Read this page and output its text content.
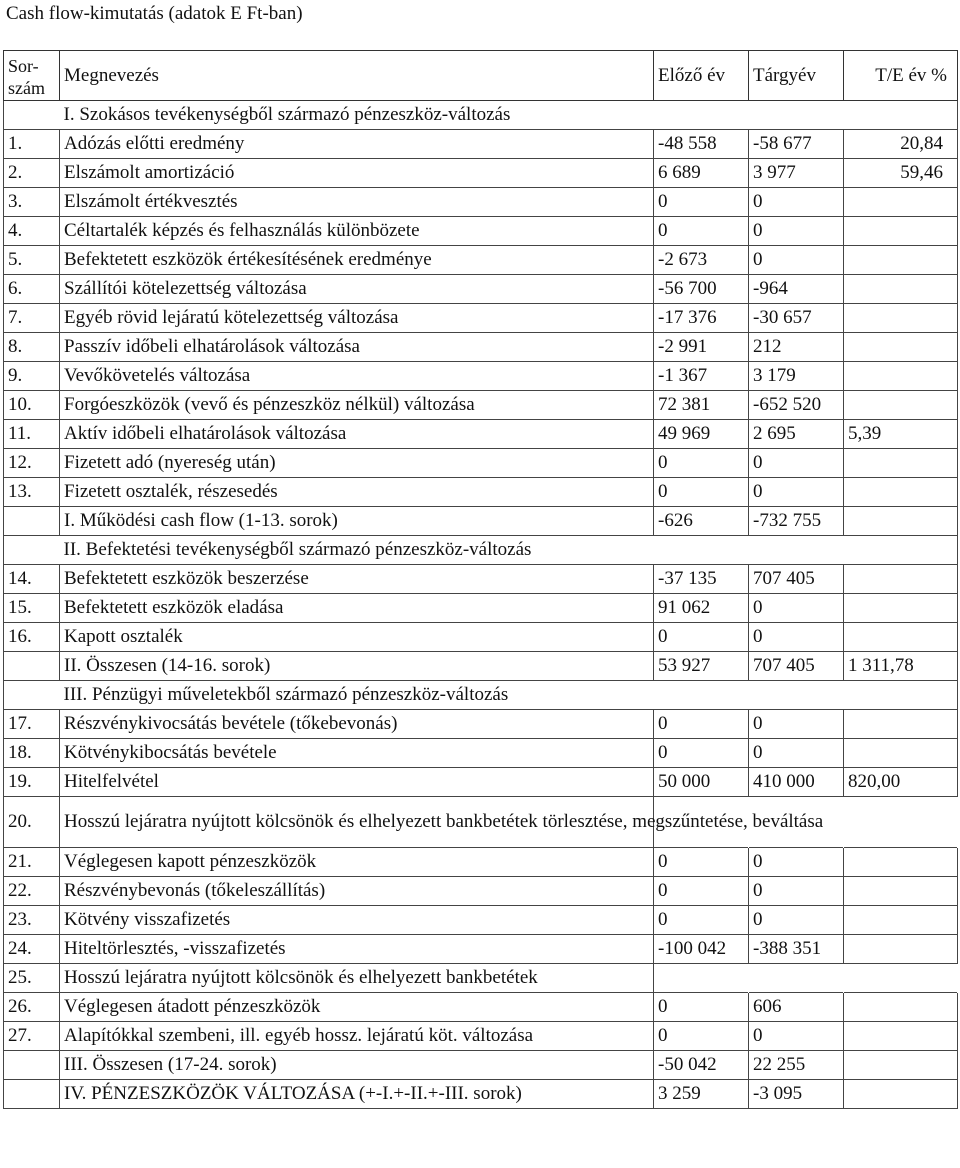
Cash flow-kimutatás (adatok E Ft-ban)
Sor-szám	Megnevezés	Előző év	Tárgyév	T/E év %
	I. Szokásos tevékenységből származó pénzeszköz-változás			
1.	Adózás előtti eredmény	-48 558	-58 677	20,84
2.	Elszámolt amortizáció	6 689	3 977	59,46
3.	Elszámolt értékvesztés	0	0	
4.	Céltartalék képzés és felhasználás különbözete	0	0	
5.	Befektetett eszközök értékesítésének eredménye	-2 673	0	
6.	Szállítói kötelezettség változása	-56 700	-964	
7.	Egyéb rövid lejáratú kötelezettség változása	-17 376	-30 657	
8.	Passzív időbeli elhatárolások változása	-2 991	212	
9.	Vevőkövetelés változása	-1 367	3 179	
10.	Forgóeszközök (vevő és pénzeszköz nélkül) változása	72 381	-652 520	
11.	Aktív időbeli elhatárolások változása	49 969	2 695	5,39
12.	Fizetett adó (nyereség után)	0	0	
13.	Fizetett osztalék, részesedés	0	0	
	I. Működési cash flow (1-13. sorok)	-626	-732 755	
	II. Befektetési tevékenységből származó pénzeszköz-változás			
14.	Befektetett eszközök beszerzése	-37 135	707 405	
15.	Befektetett eszközök eladása	91 062	0	
16.	Kapott osztalék	0	0	
	II. Összesen (14-16. sorok)	53 927	707 405	1 311,78
	III. Pénzügyi műveletekből származó pénzeszköz-változás			
17.	Részvénykivocsátás bevétele (tőkebevonás)	0	0	
18.	Kötvénykibocsátás bevétele	0	0	
19.	Hitelfelvétel	50 000	410 000	820,00
20.	Hosszú lejáratra nyújtott kölcsönök és elhelyezett bankbetétek törlesztése, megszűntetése, beváltása			
21.	Véglegesen kapott pénzeszközök	0	0	
22.	Részvénybevonás (tőkeleszállítás)	0	0	
23.	Kötvény visszafizetés	0	0	
24.	Hiteltörlesztés, -visszafizetés	-100 042	-388 351	
25.	Hosszú lejáratra nyújtott kölcsönök és elhelyezett bankbetétek			
26.	Véglegesen átadott pénzeszközök	0	606	
27.	Alapítókkal szembeni, ill. egyéb hossz. lejáratú köt. változása	0	0	
	III. Összesen (17-24. sorok)	-50 042	22 255	
	IV. PÉNZESZKÖZÖK VÁLTOZÁSA (+-I.+-II.+-III. sorok)	3 259	-3 095	
